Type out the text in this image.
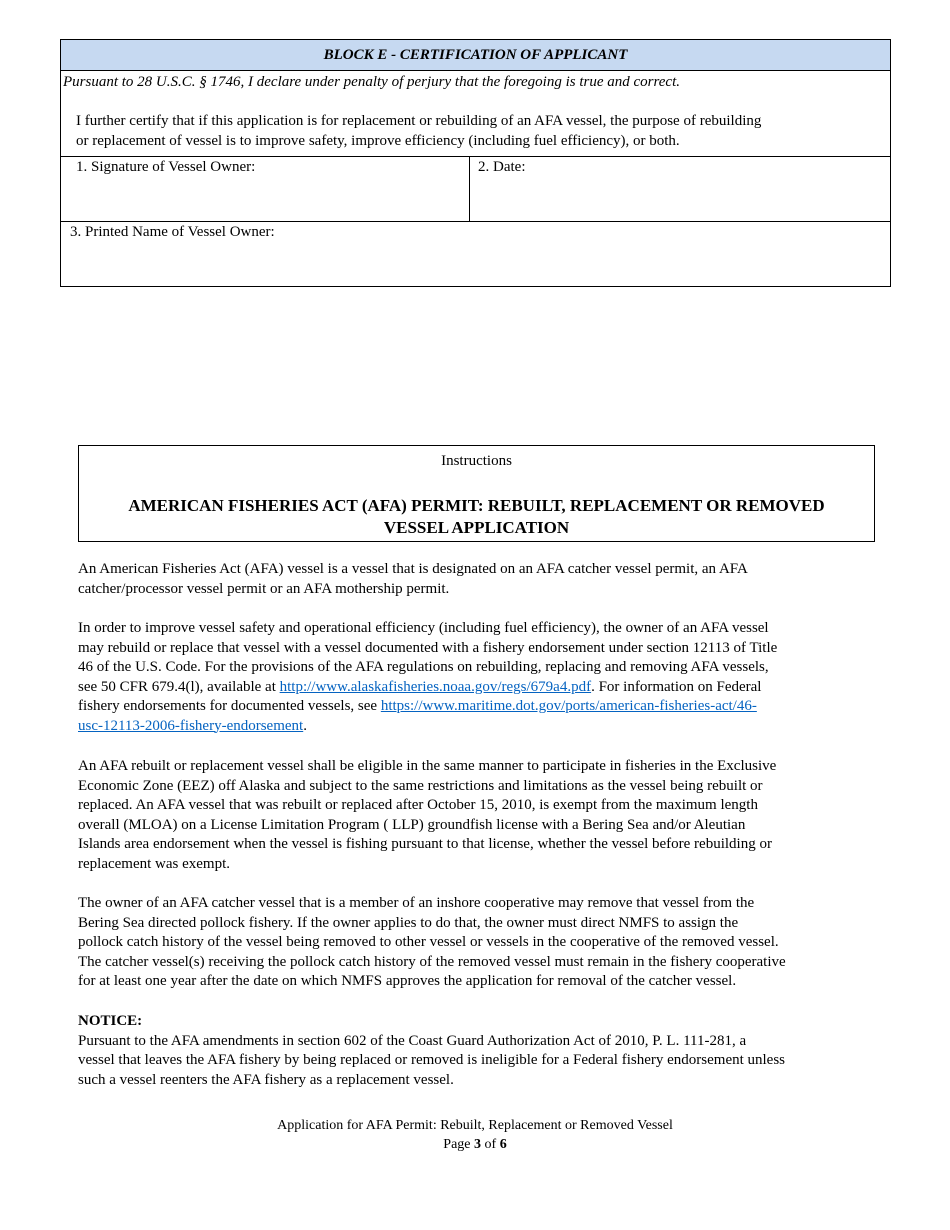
BLOCK E - CERTIFICATION OF APPLICANT
Pursuant to 28 U.S.C. § 1746, I declare under penalty of perjury that the foregoing is true and correct.
I further certify that if this application is for replacement or rebuilding of an AFA vessel, the purpose of rebuilding
or replacement of vessel is to improve safety, improve efficiency (including fuel efficiency), or both.
1. Signature of Vessel Owner:	2. Date:
3. Printed Name of Vessel Owner:
Instructions
AMERICAN FISHERIES ACT (AFA) PERMIT: REBUILT, REPLACEMENT OR REMOVED
VESSEL APPLICATION
An American Fisheries Act (AFA) vessel is a vessel that is designated on an AFA catcher vessel permit, an AFA
catcher/processor vessel permit or an AFA mothership permit.
In order to improve vessel safety and operational efficiency (including fuel efficiency), the owner of an AFA vessel
may rebuild or replace that vessel with a vessel documented with a fishery endorsement under section 12113 of Title
46 of the U.S. Code. For the provisions of the AFA regulations on rebuilding, replacing and removing AFA vessels,
see 50 CFR 679.4(l), available at http://www.alaskafisheries.noaa.gov/regs/679a4.pdf. For information on Federal
fishery endorsements for documented vessels, see https://www.maritime.dot.gov/ports/american-fisheries-act/46-
usc-12113-2006-fishery-endorsement.
An AFA rebuilt or replacement vessel shall be eligible in the same manner to participate in fisheries in the Exclusive
Economic Zone (EEZ) off Alaska and subject to the same restrictions and limitations as the vessel being rebuilt or
replaced. An AFA vessel that was rebuilt or replaced after October 15, 2010, is exempt from the maximum length
overall (MLOA) on a License Limitation Program ( LLP) groundfish license with a Bering Sea and/or Aleutian
Islands area endorsement when the vessel is fishing pursuant to that license, whether the vessel before rebuilding or
replacement was exempt.
The owner of an AFA catcher vessel that is a member of an inshore cooperative may remove that vessel from the
Bering Sea directed pollock fishery. If the owner applies to do that, the owner must direct NMFS to assign the
pollock catch history of the vessel being removed to other vessel or vessels in the cooperative of the removed vessel.
The catcher vessel(s) receiving the pollock catch history of the removed vessel must remain in the fishery cooperative
for at least one year after the date on which NMFS approves the application for removal of the catcher vessel.
NOTICE:
Pursuant to the AFA amendments in section 602 of the Coast Guard Authorization Act of 2010, P. L. 111-281, a
vessel that leaves the AFA fishery by being replaced or removed is ineligible for a Federal fishery endorsement unless
such a vessel reenters the AFA fishery as a replacement vessel.
Application for AFA Permit: Rebuilt, Replacement or Removed Vessel
Page 3 of 6
